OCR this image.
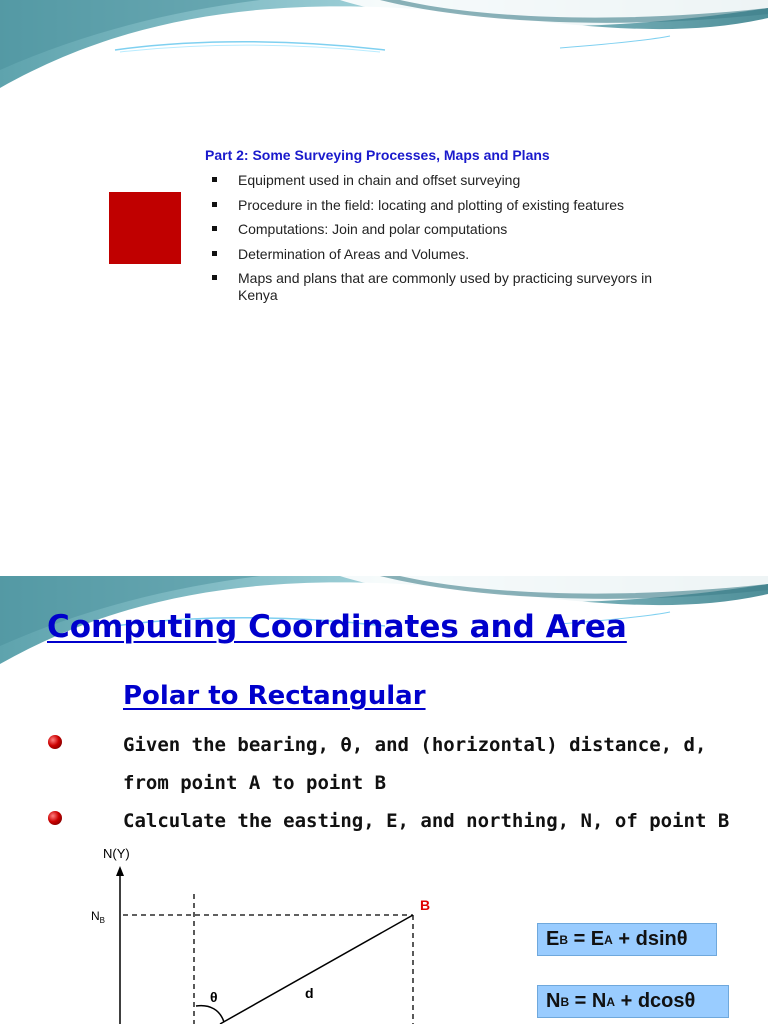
Part 2: Some Surveying Processes, Maps and Plans
Equipment used in chain and offset surveying
Procedure in the field: locating and plotting of existing features
Computations: Join and polar computations
Determination of Areas and Volumes.
Maps and plans that are commonly used by practicing surveyors in Kenya
Computing Coordinates and Area
Polar to Rectangular
Given the bearing, θ, and (horizontal) distance, d, from point A to point B
Calculate the easting, E, and northing, N, of point B
N(Y)
$N_B$
B
θ	d
E B = E A + dsinθ
N B = N A + dcosθ
